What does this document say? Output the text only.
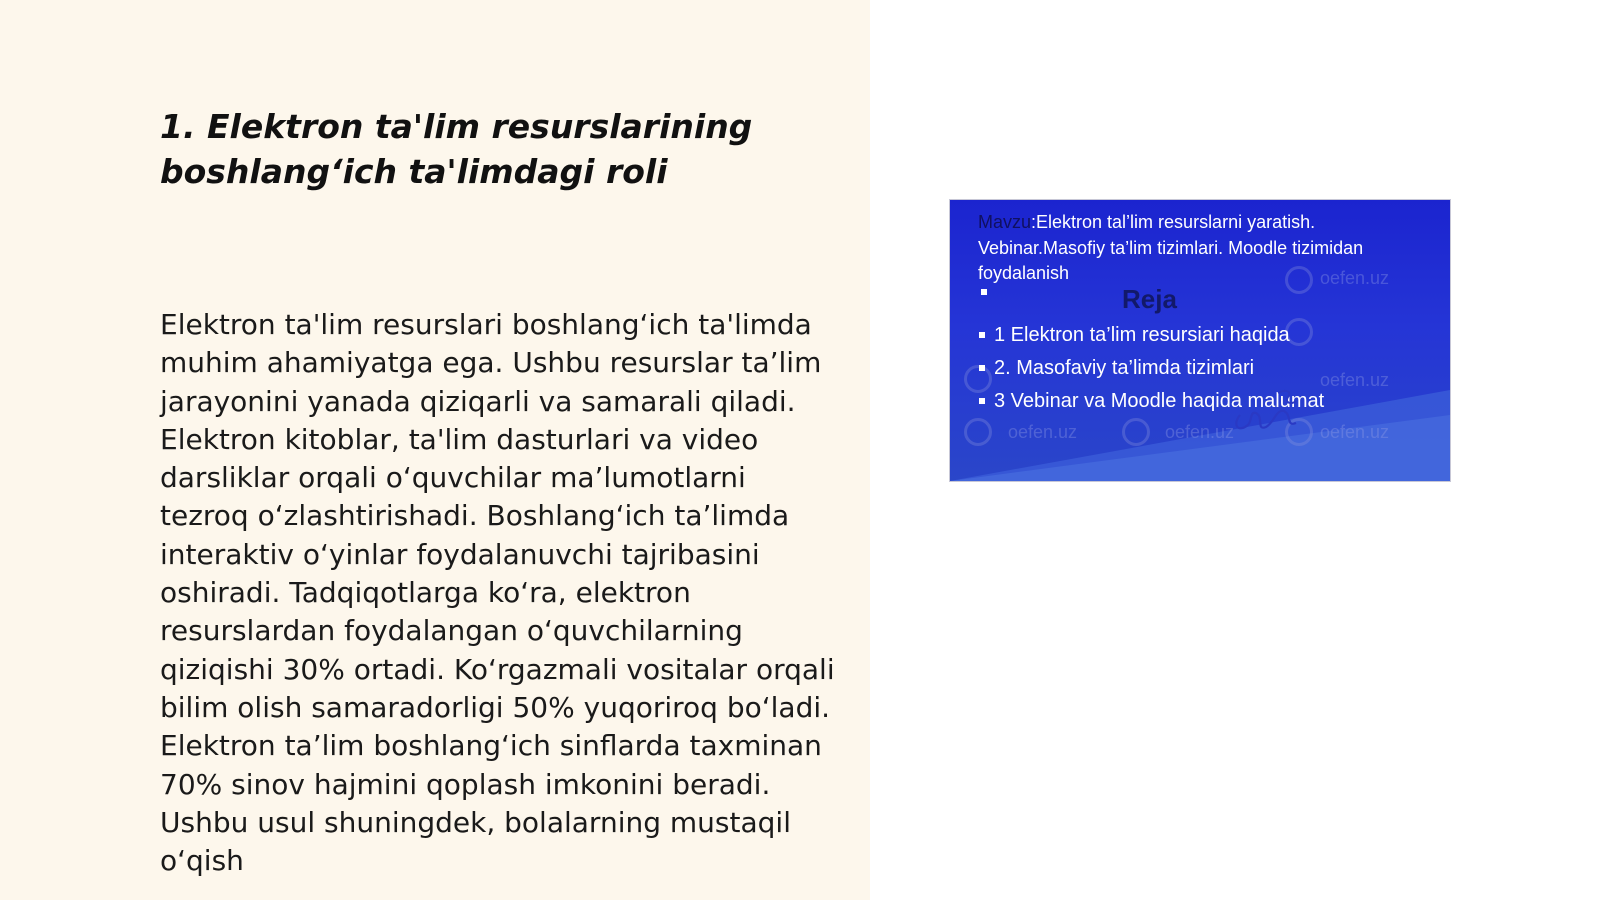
1. Elektron ta'lim resurslarining boshlang‘ich ta'limdagi roli

Elektron ta'lim resurslari boshlang‘ich ta'limda muhim ahamiyatga ega. Ushbu resurslar ta’lim jarayonini yanada qiziqarli va samarali qiladi. Elektron kitoblar, ta'lim dasturlari va video darsliklar orqali o‘quvchilar ma’lumotlarni tezroq o‘zlashtirishadi. Boshlang‘ich ta’limda interaktiv o‘yinlar foydalanuvchi tajribasini oshiradi. Tadqiqotlarga ko‘ra, elektron resurslardan foydalangan o‘quvchilarning qiziqishi 30% ortadi. Ko‘rgazmali vositalar orqali bilim olish samaradorligi 50% yuqoriroq bo‘ladi. Elektron ta’lim boshlang‘ich sinflarda taxminan 70% sinov hajmini qoplash imkonini beradi. Ushbu usul shuningdek, bolalarning mustaqil o‘qish

oefen.uz
oefen.uz
oefen.uz	oefen.uz	oefen.uz

Mavzu:Elektron tal’lim resurslarni yaratish. Vebinar.Masofiy ta’lim tizimlari. Moodle tizimidan foydalanish

Reja
1 Elektron ta’lim resursiari haqida
2. Masofaviy ta’limda tizimlari
3 Vebinar va Moodle haqida malumat
